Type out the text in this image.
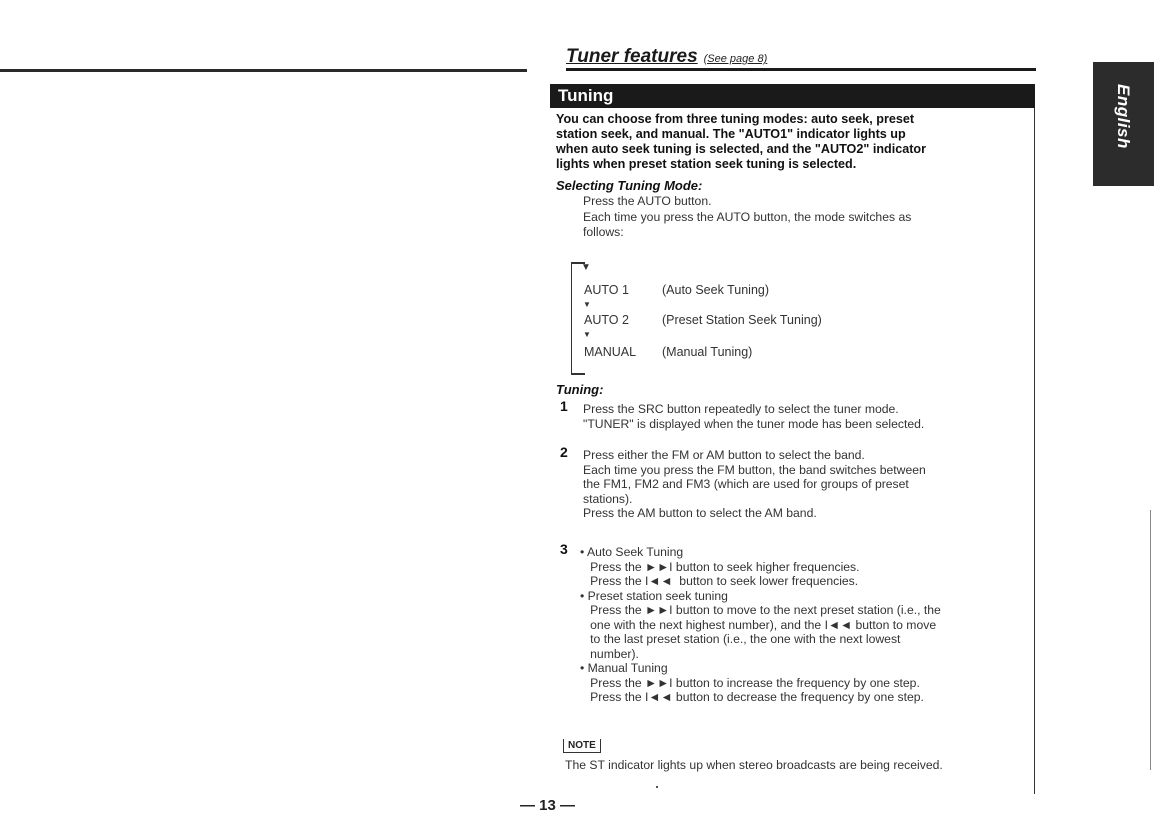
Tuner features (See page 8)
English
Tuning
You can choose from three tuning modes: auto seek, preset
station seek, and manual. The "AUTO1" indicator lights up
when auto seek tuning is selected, and the "AUTO2" indicator
lights when preset station seek tuning is selected.
Selecting Tuning Mode:
Press the AUTO button.
Each time you press the AUTO button, the mode switches as
follows:
▼
AUTO 1	(Auto Seek Tuning)
▼
AUTO 2	(Preset Station Seek Tuning)
▼
MANUAL (Manual Tuning)
Tuning:
1 Press the SRC button repeatedly to select the tuner mode.
"TUNER" is displayed when the tuner mode has been selected.
2 Press either the FM or AM button to select the band.
Each time you press the FM button, the band switches between
the FM1, FM2 and FM3 (which are used for groups of preset
stations).
Press the AM button to select the AM band.
3 • Auto Seek Tuning
Press the ►►I button to seek higher frequencies.
Press the I◄◄  button to seek lower frequencies.
• Preset station seek tuning
Press the ►►I button to move to the next preset station (i.e., the
one with the next highest number), and the I◄◄ button to move
to the last preset station (i.e., the one with the next lowest
number).
• Manual Tuning
Press the ►►I button to increase the frequency by one step.
Press the I◄◄ button to decrease the frequency by one step.
NOTE
The ST indicator lights up when stereo broadcasts are being received.
— 13 —
